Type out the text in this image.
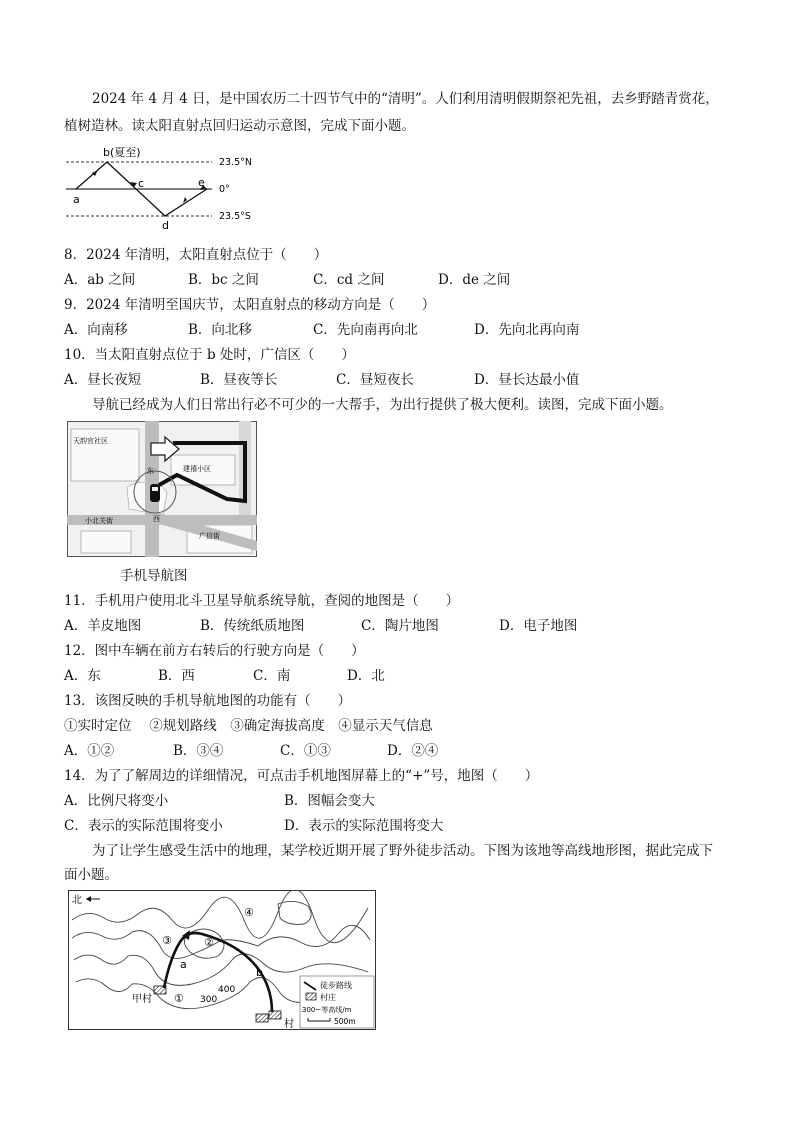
2024 年 4 月 4 日，是中国农历二十四节气中的“清明”。人们利用清明假期祭祀先祖，去乡野踏青赏花，
植树造林。读太阳直射点回归运动示意图，完成下面小题。
23.5°N
0°
23.5°S
b(夏至)
a
c
d
e
8．2024 年清明，太阳直射点位于（　　）
A．ab 之间	B．bc 之间	C．cd 之间	D．de 之间
9．2024 年清明至国庆节，太阳直射点的移动方向是（　　）
A．向南移	B．向北移	C．先向南再向北	D．先向北再向南
10．当太阳直射点位于 b 处时，广信区（　　）
A．昼长夜短	B．昼夜等长	C．昼短夜长	D．昼长达最小值
导航已经成为人们日常出行必不可少的一大帮手，为出行提供了极大便利。读图，完成下面小题。
天韵官社区
建禧小区
小北关街
广信街
东
西
手机导航图
11．手机用户使用北斗卫星导航系统导航，查阅的地图是（　　）
A．羊皮地图	B．传统纸质地图	C．陶片地图	D．电子地图
12．图中车辆在前方右转后的行驶方向是（　　）
A．东	B．西	C．南	D．北
13．该图反映的手机导航地图的功能有（　　）
①实时定位　 ②规划路线　③确定海拔高度　④显示天气信息
A．①②	B．③④	C．①③	D．②④
14．为了了解周边的详细情况，可点击手机地图屏幕上的“+”号，地图（　　）
A．比例尺将变小	B．图幅会变大
C．表示的实际范围将变小	D．表示的实际范围将变大
为了让学生感受生活中的地理，某学校近期开展了野外徒步活动。下图为该地等高线地形图，据此完成下
面小题。
北
甲村
村
400
300
a
b
①
②
③
④
徒步路线
村庄
300~等高线/m
500m
